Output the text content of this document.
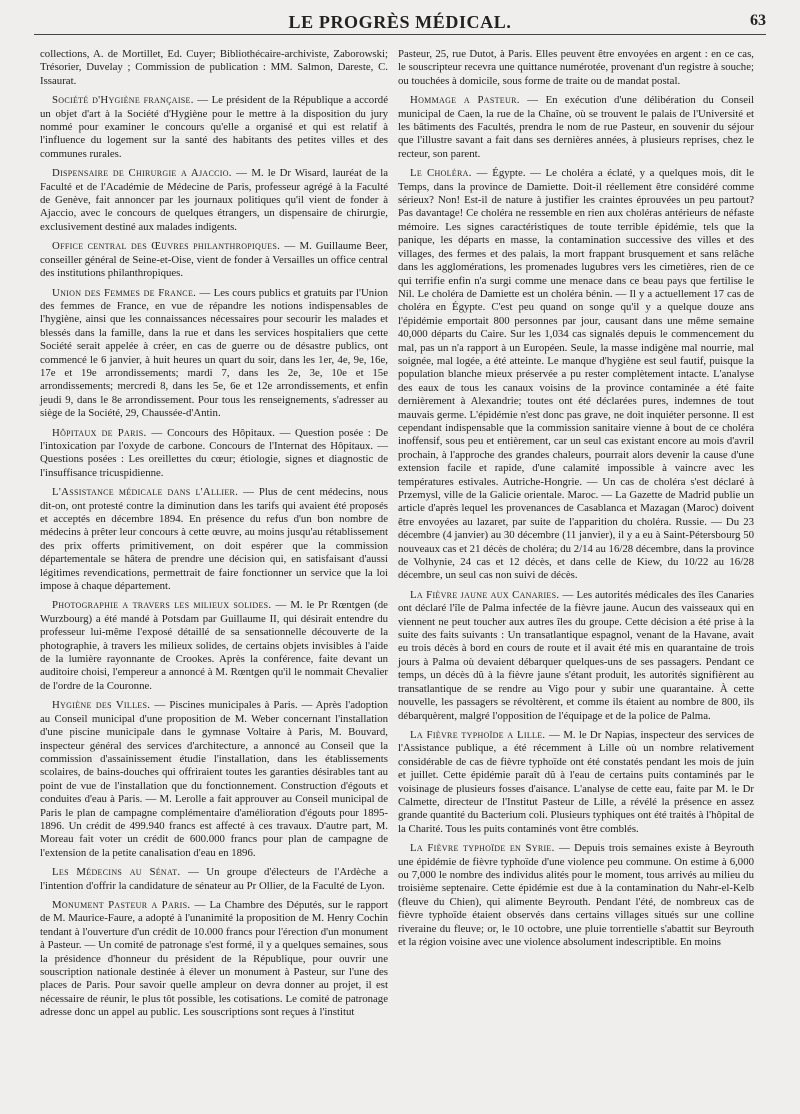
LE PROGRÈS MÉDICAL.	63

collections, A. de Mortillet, Ed. Cuyer; Bibliothécaire-archiviste, Zaborowski; Trésorier, Duvelay ; Commission de publication : MM. Salmon, Dareste, C. Issaurat.

Société d'Hygiène française. — Le président de la République a accordé un objet d'art à la Société d'Hygiène pour le mettre à la disposition du jury nommé pour examiner le concours qu'elle a organisé et qui est relatif à l'influence du logement sur la santé des habitants des petites villes et des communes rurales.

Dispensaire de Chirurgie a Ajaccio. — M. le Dr Wisard, lauréat de la Faculté et de l'Académie de Médecine de Paris, professeur agrégé à la Faculté de Genève, fait annoncer par les journaux politiques qu'il vient de fonder à Ajaccio, avec le concours de quelques étrangers, un dispensaire de chirurgie, exclusivement destiné aux malades indigents.

Office central des Œuvres philanthropiques. — M. Guillaume Beer, conseiller général de Seine-et-Oise, vient de fonder à Versailles un office central des institutions philanthropiques.

Union des Femmes de France. — Les cours publics et gratuits par l'Union des femmes de France, en vue de répandre les notions indispensables de l'hygiène, ainsi que les connaissances nécessaires pour secourir les malades et blessés dans la famille, dans la rue et dans les services hospitaliers que cette Société serait appelée à créer, en cas de guerre ou de désastre publics, ont commencé le 6 janvier, à huit heures un quart du soir, dans les 1er, 4e, 9e, 16e, 17e et 19e arrondissements; mardi 7, dans les 2e, 3e, 10e et 15e arrondissements; mercredi 8, dans les 5e, 6e et 12e arrondissements, et enfin jeudi 9, dans le 8e arrondissement. Pour tous les renseignements, s'adresser au siège de la Société, 29, Chaussée-d'Antin.

Hôpitaux de Paris. — Concours des Hôpitaux. — Question posée : De l'intoxication par l'oxyde de carbone. Concours de l'Internat des Hôpitaux. — Questions posées : Les oreillettes du cœur; étiologie, signes et diagnostic de l'insuffisance tricuspidienne.

L'Assistance médicale dans l'Allier. — Plus de cent médecins, nous dit-on, ont protesté contre la diminution dans les tarifs qui avaient été proposés et acceptés en décembre 1894. En présence du refus d'un bon nombre de médecins à prêter leur concours à cette œuvre, au moins jusqu'au rétablissement des prix offerts primitivement, on doit espérer que la commission départementale se hâtera de prendre une décision qui, en satisfaisant d'aussi légitimes revendications, permettrait de faire fonctionner un service que la loi impose à chaque département.

Photographie a travers les milieux solides. — M. le Pr Rœntgen (de Wurzbourg) a été mandé à Potsdam par Guillaume II, qui désirait entendre du professeur lui-même l'exposé détaillé de sa sensationnelle découverte de la photographie, à travers les milieux solides, de certains objets invisibles à l'aide de la lumière rayonnante de Crookes. Après la conférence, faite devant un auditoire choisi, l'empereur a annoncé à M. Rœntgen qu'il le nommait Chevalier de l'ordre de la Couronne.

Hygiène des Villes. — Piscines municipales à Paris. — Après l'adoption au Conseil municipal d'une proposition de M. Weber concernant l'installation d'une piscine municipale dans le gymnase Voltaire à Paris, M. Bouvard, inspecteur général des services d'architecture, a annoncé au Conseil que la commission d'assainissement étudie l'installation, dans les établissements scolaires, de bains-douches qui offriraient toutes les garanties désirables tant au point de vue de l'installation que du fonctionnement. Construction d'égouts et conduites d'eau à Paris. — M. Lerolle a fait approuver au Conseil municipal de Paris le plan de campagne complémentaire d'amélioration d'égouts pour 1895-1896. Un crédit de 499.940 francs est affecté à ces travaux. D'autre part, M. Moreau fait voter un crédit de 600.000 francs pour plan de campagne de l'extension de la petite canalisation d'eau en 1896.

Les Médecins au Sénat. — Un groupe d'électeurs de l'Ardèche a l'intention d'offrir la candidature de sénateur au Pr Ollier, de la Faculté de Lyon.

Monument Pasteur a Paris. — La Chambre des Députés, sur le rapport de M. Maurice-Faure, a adopté à l'unanimité la proposition de M. Henry Cochin tendant à l'ouverture d'un crédit de 10.000 francs pour l'érection d'un monument à Pasteur. — Un comité de patronage s'est formé, il y a quelques semaines, sous la présidence d'honneur du président de la République, pour ouvrir une souscription nationale destinée à élever un monument à Pasteur, sur l'une des places de Paris. Pour savoir quelle ampleur on devra donner au projet, il est nécessaire de réunir, le plus tôt possible, les cotisations. Le comité de patronage adresse donc un appel au public. Les souscriptions sont reçues à l'institut

Pasteur, 25, rue Dutot, à Paris. Elles peuvent être envoyées en argent : en ce cas, le souscripteur recevra une quittance numérotée, provenant d'un registre à souche; ou touchées à domicile, sous forme de traite ou de mandat postal.

Hommage a Pasteur. — En exécution d'une délibération du Conseil municipal de Caen, la rue de la Chaîne, où se trouvent le palais de l'Université et les bâtiments des Facultés, prendra le nom de rue Pasteur, en souvenir du séjour que l'illustre savant a fait dans ses dernières années, à plusieurs reprises, chez le recteur, son parent.

Le Choléra. — Égypte. — Le choléra a éclaté, y a quelques mois, dit le Temps, dans la province de Damiette. Doit-il réellement être considéré comme sérieux? Non! Est-il de nature à justifier les craintes éprouvées un peu partout? Pas davantage! Ce choléra ne ressemble en rien aux choléras antérieurs de néfaste mémoire. Les signes caractéristiques de toute terrible épidémie, tels que la panique, les départs en masse, la contamination successive des villes et des villages, des fermes et des palais, la mort frappant brusquement et sans relâche dans les agglomérations, les promenades lugubres vers les cimetières, rien de ce qui terrifie enfin n'a surgi comme une menace dans ce beau pays que fertilise le Nil. Le choléra de Damiette est un choléra bénin. — Il y a actuellement 17 cas de choléra en Égypte. C'est peu quand on songe qu'il y a quelque douze ans l'épidémie emportait 800 personnes par jour, causant dans une même semaine 40,000 départs du Caire. Sur les 1,034 cas signalés depuis le commencement du mal, pas un n'a rapport à un Européen. Seule, la masse indigène mal nourrie, mal soignée, mal logée, a été atteinte. Le manque d'hygiène est seul fautif, puisque la population blanche mieux préservée a pu rester complètement intacte. L'analyse des eaux de tous les canaux voisins de la province contaminée a été faite dernièrement à Alexandrie; toutes ont été déclarées pures, indemnes de tout mauvais germe. L'épidémie n'est donc pas grave, ne doit inquiéter personne. Il est cependant indispensable que la commission sanitaire vienne à bout de ce choléra inoffensif, sous peu et entièrement, car un seul cas existant encore au mois d'avril prochain, à l'approche des grandes chaleurs, pourrait alors devenir la cause d'une extension facile et rapide, d'une calamité impossible à vaincre avec les températures estivales. Autriche-Hongrie. — Un cas de choléra s'est déclaré à Przemysl, ville de la Galicie orientale. Maroc. — La Gazette de Madrid publie un article d'après lequel les provenances de Casablanca et Mazagan (Maroc) doivent être envoyées au lazaret, par suite de l'apparition du choléra. Russie. — Du 23 décembre (4 janvier) au 30 décembre (11 janvier), il y a eu à Saint-Pétersbourg 50 nouveaux cas et 21 décès de choléra; du 2/14 au 16/28 décembre, dans la province de Volhynie, 24 cas et 12 décès, et dans celle de Kiew, du 10/22 au 16/28 décembre, un seul cas non suivi de décès.

La Fièvre jaune aux Canaries. — Les autorités médicales des îles Canaries ont déclaré l'île de Palma infectée de la fièvre jaune. Aucun des vaisseaux qui en viennent ne peut toucher aux autres îles du groupe. Cette décision a été prise à la suite des faits suivants : Un transatlantique espagnol, venant de la Havane, avait eu trois décès à bord en cours de route et il avait été mis en quarantaine de trois jours à Palma où devaient débarquer quelques-uns de ses passagers. Pendant ce temps, un décès dû à la fièvre jaune s'étant produit, les autorités signifièrent au transatlantique de se rendre au Vigo pour y subir une quarantaine. À cette nouvelle, les passagers se révoltèrent, et comme ils étaient au nombre de 800, ils débarquèrent, malgré l'opposition de l'équipage et de la police de Palma.

La Fièvre typhoïde a Lille. — M. le Dr Napias, inspecteur des services de l'Assistance publique, a été récemment à Lille où un nombre relativement considérable de cas de fièvre typhoïde ont été constatés pendant les mois de juin et juillet. Cette épidémie paraît dû à l'eau de certains puits contaminés par le voisinage de plusieurs fosses d'aisance. L'analyse de cette eau, faite par M. le Dr Calmette, directeur de l'Institut Pasteur de Lille, a révélé la présence en assez grande quantité du Bacterium coli. Plusieurs typhiques ont été traités à l'hôpital de la Charité. Tous les puits contaminés vont être comblés.

La Fièvre typhoïde en Syrie. — Depuis trois semaines existe à Beyrouth une épidémie de fièvre typhoïde d'une violence peu commune. On estime à 6,000 ou 7,000 le nombre des individus alités pour le moment, tous arrivés au milieu du troisième septenaire. Cette épidémie est due à la contamination du Nahr-el-Kelb (fleuve du Chien), qui alimente Beyrouth. Pendant l'été, de nombreux cas de fièvre typhoïde étaient observés dans certains villages situés sur une colline riveraine du fleuve; or, le 10 octobre, une pluie torrentielle s'abattit sur Beyrouth et la région voisine avec une violence absolument indescriptible. En moins
